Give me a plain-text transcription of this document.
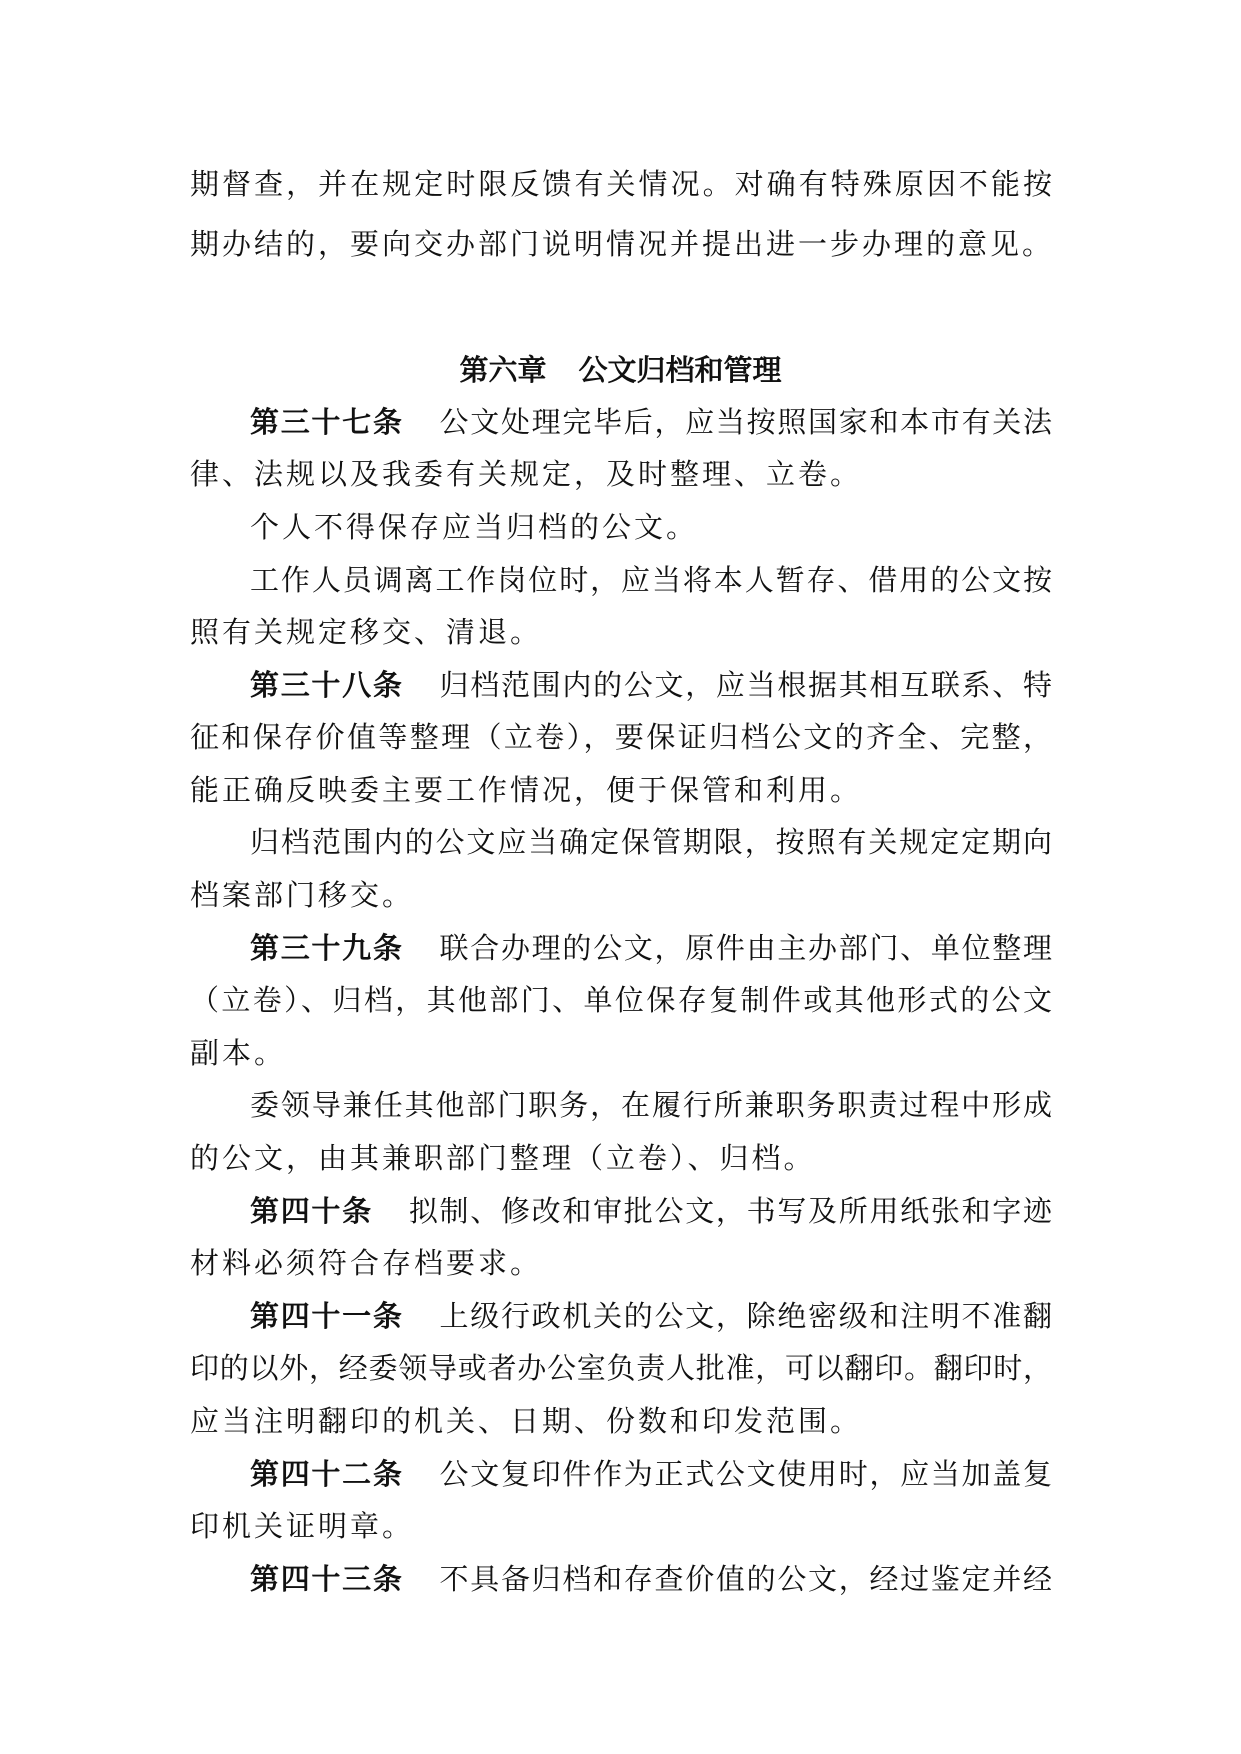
期督查，并在规定时限反馈有关情况。对确有特殊原因不能按
期办结的，要向交办部门说明情况并提出进一步办理的意见。
第六章 公文归档和管理
第三十七条 公文处理完毕后，应当按照国家和本市有关法
律、法规以及我委有关规定，及时整理、立卷。
个人不得保存应当归档的公文。
工作人员调离工作岗位时，应当将本人暂存、借用的公文按
照有关规定移交、清退。
第三十八条 归档范围内的公文，应当根据其相互联系、特
征和保存价值等整理（立卷），要保证归档公文的齐全、完整，
能正确反映委主要工作情况，便于保管和利用。
归档范围内的公文应当确定保管期限，按照有关规定定期向
档案部门移交。
第三十九条 联合办理的公文，原件由主办部门、单位整理
（立卷）、归档，其他部门、单位保存复制件或其他形式的公文
副本。
委领导兼任其他部门职务，在履行所兼职务职责过程中形成
的公文，由其兼职部门整理（立卷）、归档。
第四十条 拟制、修改和审批公文，书写及所用纸张和字迹
材料必须符合存档要求。
第四十一条 上级行政机关的公文，除绝密级和注明不准翻
印的以外，经委领导或者办公室负责人批准，可以翻印。翻印时，
应当注明翻印的机关、日期、份数和印发范围。
第四十二条 公文复印件作为正式公文使用时，应当加盖复
印机关证明章。
第四十三条 不具备归档和存查价值的公文，经过鉴定并经
